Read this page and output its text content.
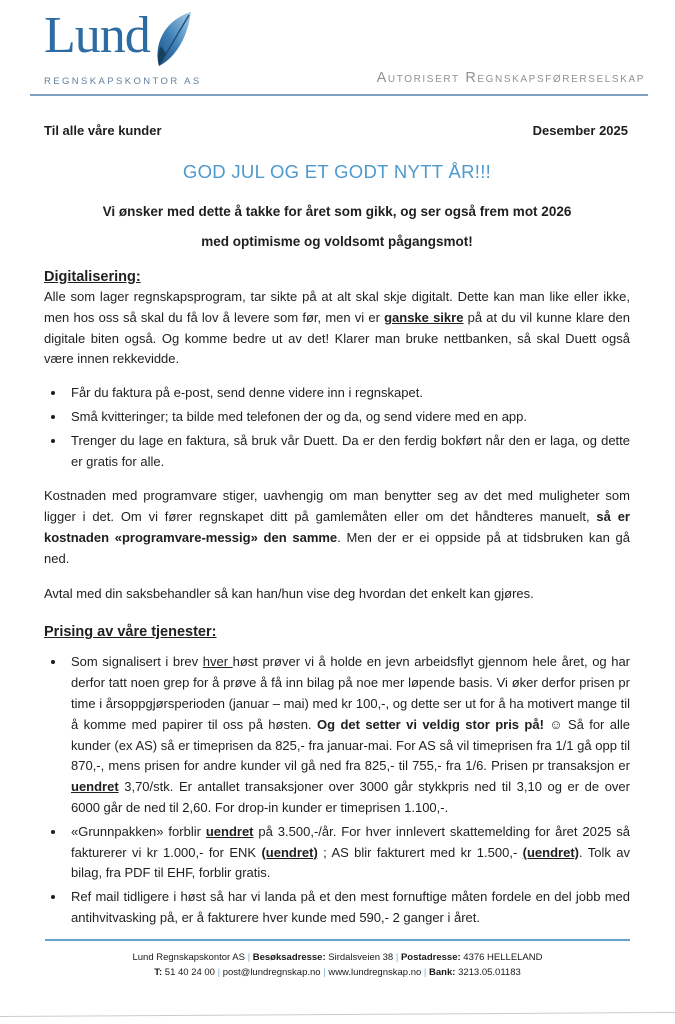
Lund
REGNSKAPSKONTOR AS	Autorisert Regnskapsførerselskap
Til alle våre kunder	Desember 2025
GOD JUL OG ET GODT NYTT ÅR!!!
Vi ønsker med dette å takke for året som gikk, og ser også frem mot 2026
med optimisme og voldsomt pågangsmot!
Digitalisering:

Alle som lager regnskapsprogram, tar sikte på at alt skal skje digitalt. Dette kan man like eller ikke, men hos oss så skal du få lov å levere som før, men vi er ganske sikre på at du vil kunne klare den digitale biten også. Og komme bedre ut av det! Klarer man bruke nettbanken, så skal Duett også være innen rekkevidde.

• Får du faktura på e-post, send denne videre inn i regnskapet.
• Små kvitteringer; ta bilde med telefonen der og da, og send videre med en app.
• Trenger du lage en faktura, så bruk vår Duett. Da er den ferdig bokført når den er laga, og dette er gratis for alle.

Kostnaden med programvare stiger, uavhengig om man benytter seg av det med muligheter som ligger i det. Om vi fører regnskapet ditt på gamlemåten eller om det håndteres manuelt, så er kostnaden «programvare-messig» den samme. Men der er ei oppside på at tidsbruken kan gå ned.

Avtal med din saksbehandler så kan han/hun vise deg hvordan det enkelt kan gjøres.

Prising av våre tjenester:
• Som signalisert i brev hver høst prøver vi å holde en jevn arbeidsflyt gjennom hele året, og har derfor tatt noen grep for å prøve å få inn bilag på noe mer løpende basis. Vi øker derfor prisen pr time i årsoppgjørsperioden (januar – mai) med kr 100,-, og dette ser ut for å ha motivert mange til å komme med papirer til oss på høsten. Og det setter vi veldig stor pris på! ☺ Så for alle kunder (ex AS) så er timeprisen da 825,- fra januar-mai. For AS så vil timeprisen fra 1/1 gå opp til 870,-, mens prisen for andre kunder vil gå ned fra 825,- til 755,- fra 1/6. Prisen pr transaksjon er uendret 3,70/stk. Er antallet transaksjoner over 3000 går stykkpris ned til 3,10 og er de over 6000 går de ned til 2,60. For drop-in kunder er timeprisen 1.100,-.
• «Grunnpakken» forblir uendret på 3.500,-/år. For hver innlevert skattemelding for året 2025 så fakturerer vi kr 1.000,- for ENK (uendret) ; AS blir fakturert med kr 1.500,- (uendret). Tolk av bilag, fra PDF til EHF, forblir gratis.
• Ref mail tidligere i høst så har vi landa på et den mest fornuftige måten fordele en del jobb med antihvitvasking på, er å fakturere hver kunde med 590,- 2 ganger i året.
Lund Regnskapskontor AS | Besøksadresse: Sirdalsveien 38 | Postadresse: 4376 HELLELAND
T: 51 40 24 00 | post@lundregnskap.no | www.lundregnskap.no | Bank: 3213.05.01183
